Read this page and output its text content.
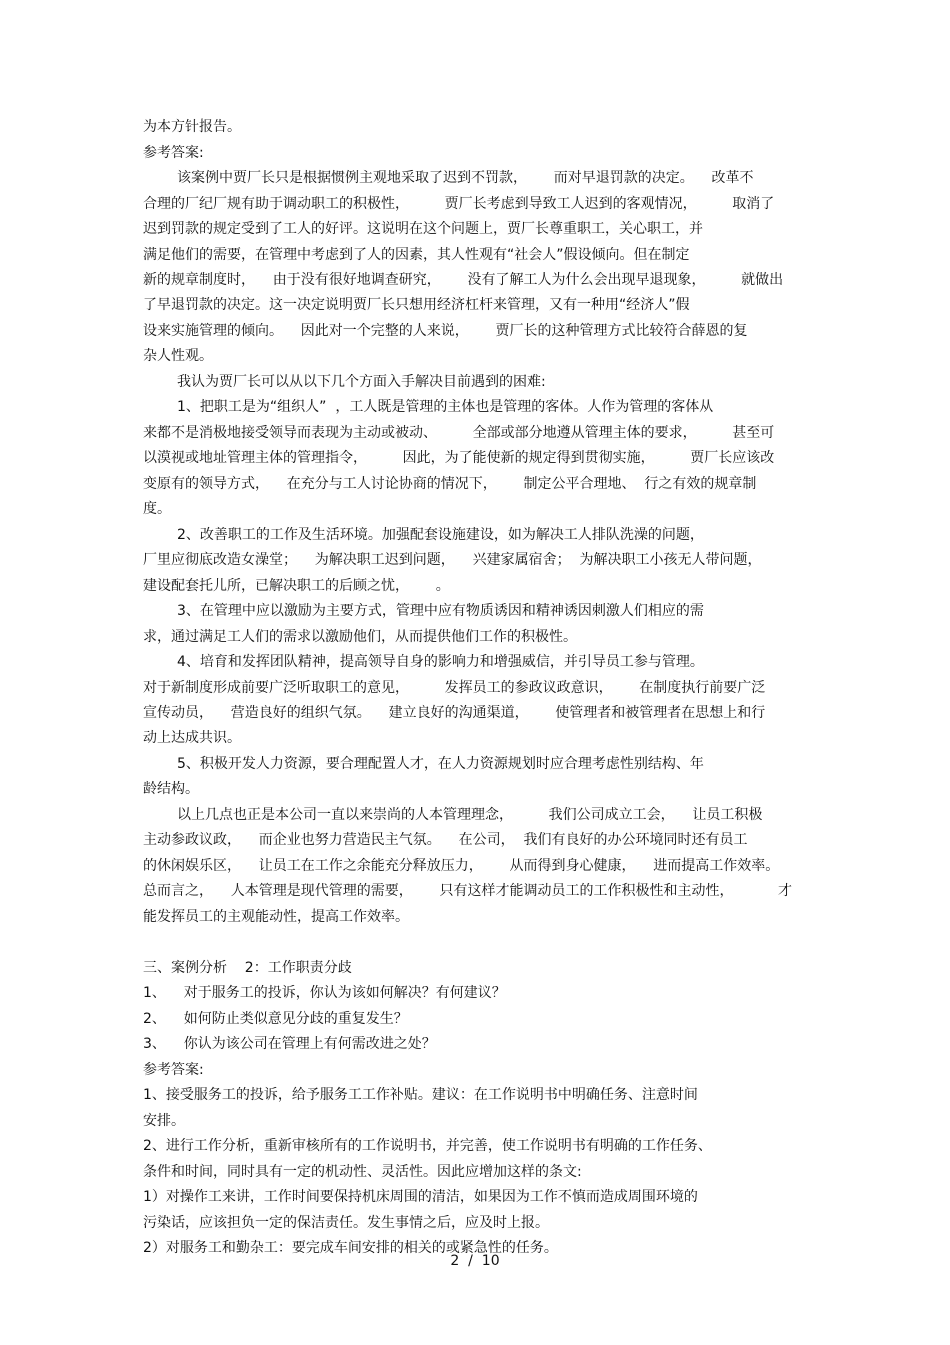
为本方针报告。
参考答案:
该案例中贾厂长只是根据惯例主观地采取了迟到不罚款，      而对早退罚款的决定。    改革不
合理的厂纪厂规有助于调动职工的积极性，        贾厂长考虑到导致工人迟到的客观情况，        取消了
迟到罚款的规定受到了工人的好评。这说明在这个问题上，贾厂长尊重职工，关心职工，并
满足他们的需要，在管理中考虑到了人的因素，其人性观有“社会人”假设倾向。但在制定
新的规章制度时，    由于没有很好地调查研究，      没有了解工人为什么会出现早退现象，        就做出
了早退罚款的决定。这一决定说明贾厂长只想用经济杠杆来管理，又有一种用“经济人”假
设来实施管理的倾向。    因此对一个完整的人来说，      贾厂长的这种管理方式比较符合薛恩的复
杂人性观。
我认为贾厂长可以从以下几个方面入手解决目前遇到的困难:
1、把职工是为“组织人”  ，工人既是管理的主体也是管理的客体。人作为管理的客体从
来都不是消极地接受领导而表现为主动或被动、        全部或部分地遵从管理主体的要求，        甚至可
以漠视或地址管理主体的管理指令，        因此，为了能使新的规定得到贯彻实施，        贾厂长应该改
变原有的领导方式，    在充分与工人讨论协商的情况下，      制定公平合理地、  行之有效的规章制
度。
2、改善职工的工作及生活环境。加强配套设施建设，如为解决工人排队洗澡的问题，
厂里应彻底改造女澡堂；    为解决职工迟到问题，    兴建家属宿舍；  为解决职工小孩无人带问题，
建设配套托儿所，已解决职工的后顾之忧，      。
3、在管理中应以激励为主要方式，管理中应有物质诱因和精神诱因刺激人们相应的需
求，通过满足工人们的需求以激励他们，从而提供他们工作的积极性。
4、培育和发挥团队精神，提高领导自身的影响力和增强威信，并引导员工参与管理。
对于新制度形成前要广泛听取职工的意见，        发挥员工的参政议政意识，      在制度执行前要广泛
宣传动员，    营造良好的组织气氛。    建立良好的沟通渠道，      使管理者和被管理者在思想上和行
动上达成共识。
5、积极开发人力资源，要合理配置人才，在人力资源规划时应合理考虑性别结构、年
龄结构。
以上几点也正是本公司一直以来崇尚的人本管理理念，        我们公司成立工会，    让员工积极
主动参政议政，    而企业也努力营造民主气氛。    在公司，  我们有良好的办公环境同时还有员工
的休闲娱乐区，    让员工在工作之余能充分释放压力，      从而得到身心健康，    进而提高工作效率。
总而言之，    人本管理是现代管理的需要，      只有这样才能调动员工的工作积极性和主动性，          才
能发挥员工的主观能动性，提高工作效率。
三、案例分析    2：工作职责分歧
1、    对于服务工的投诉，你认为该如何解决？有何建议？
2、    如何防止类似意见分歧的重复发生？
3、    你认为该公司在管理上有何需改进之处？
参考答案:
1、接受服务工的投诉，给予服务工工作补贴。建议：在工作说明书中明确任务、注意时间
安排。
2、进行工作分析，重新审核所有的工作说明书，并完善，使工作说明书有明确的工作任务、
条件和时间，同时具有一定的机动性、灵活性。因此应增加这样的条文:
1）对操作工来讲，工作时间要保持机床周围的清洁，如果因为工作不慎而造成周围环境的
污染话，应该担负一定的保洁责任。发生事情之后，应及时上报。
2）对服务工和勤杂工：要完成车间安排的相关的或紧急性的任务。
2  /  10
